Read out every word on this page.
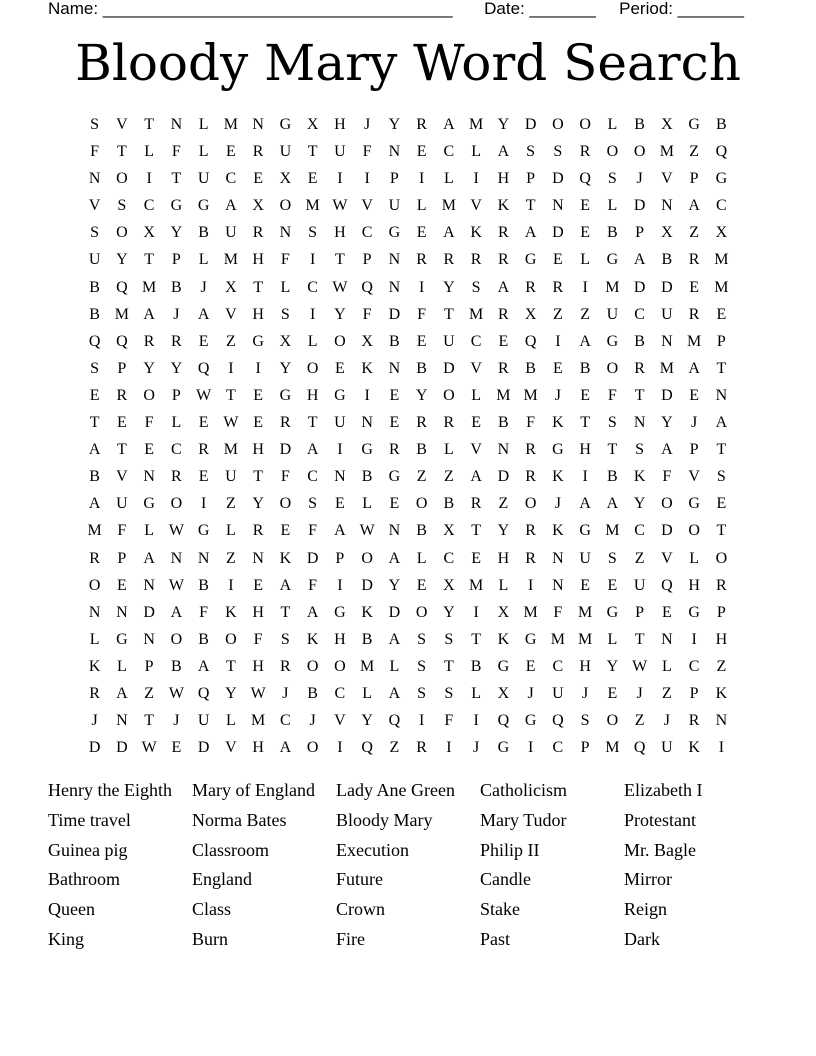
Name: _____________________________________ Date: _______ Period: _______
Bloody Mary Word Search
S	V	T	N	L M N G X H	J	Y	R	A M Y D O O	L	B	X G	B
F	T	L	F	L	E	R	U	T	U	F	N	E	C	L	A	S	S	R	O O M Z	Q
N O	I	T	U	C	E	X	E	I	I	P	I	L	I	H	P	D Q	S	J	V	P	G
V	S	C	G G A X O M W V U	L M V K	T	N	E	L	D N A	C
S	O X Y	B	U	R	N	S	H	C	G	E	A K	R	A D	E	B	P	X	Z	X
U Y	T	P	L M H	F	I	T	P	N	R	R	R	R	G	E	L	G A	B	R M
B	Q M B	J	X	T	L	C W Q N	I	Y	S	A	R	R	I	M D D	E M
B M A	J	A V H	S	I	Y	F	D	F	T M R	X	Z	Z	U	C	U	R	E
Q Q	R	R	E	Z	G X	L	O X	B	E	U	C	E	Q	I	A G	B	N M P
S	P	Y Y Q	I	I	Y O	E	K N	B	D V	R	B	E	B	O	R M A	T
E	R	O	P W T	E	G H G	I	E	Y O	L M M	J	E	F	T	D	E	N
T	E	F	L	E W E	R	T	U N	E	R	R	E	B	F	K	T	S	N Y	J	A
A	T	E	C	R M H D A	I	G	R	B	L	V N	R	G H	T	S	A	P	T
B	V N	R	E	U	T	F	C	N	B	G	Z	Z	A D	R	K	I	B	K	F	V	S
A U G O	I	Z	Y O	S	E	L	E	O	B	R	Z	O	J	A A Y O G	E
M F	L W G	L	R	E	F	A W N	B	X	T	Y	R	K G M C	D O	T
R	P	A N N	Z	N K D	P	O A	L	C	E	H	R	N U	S	Z	V	L	O
O	E	N W B	I	E	A	F	I	D Y	E	X M L	I	N	E	E	U Q H	R
N N D A	F	K H	T	A G K D O Y	I	X M F M G	P	E	G	P
L	G N O	B	O	F	S	K H	B	A	S	S	T	K G M M L	T	N	I	H
K	L	P	B	A	T	H	R	O O M L	S	T	B	G	E	C	H Y W L	C	Z
R	A	Z W Q Y W	J	B	C	L	A	S	S	L	X	J	U	J	E	J	Z	P	K
J	N	T	J	U	L M C	J	V Y Q	I	F	I	Q G Q	S	O	Z	J	R	N
D D W E	D V H A O	I	Q	Z	R	I	J	G	I	C	P M Q U K	I
Henry the Eighth	Mary of England	Lady Ane Green	Catholicism	Elizabeth I
Time travel	Norma Bates	Bloody Mary	Mary Tudor	Protestant
Guinea pig	Classroom	Execution	Philip II	Mr. Bagle
Bathroom	England	Future	Candle	Mirror
Queen	Class	Crown	Stake	Reign
King	Burn	Fire	Past	Dark
